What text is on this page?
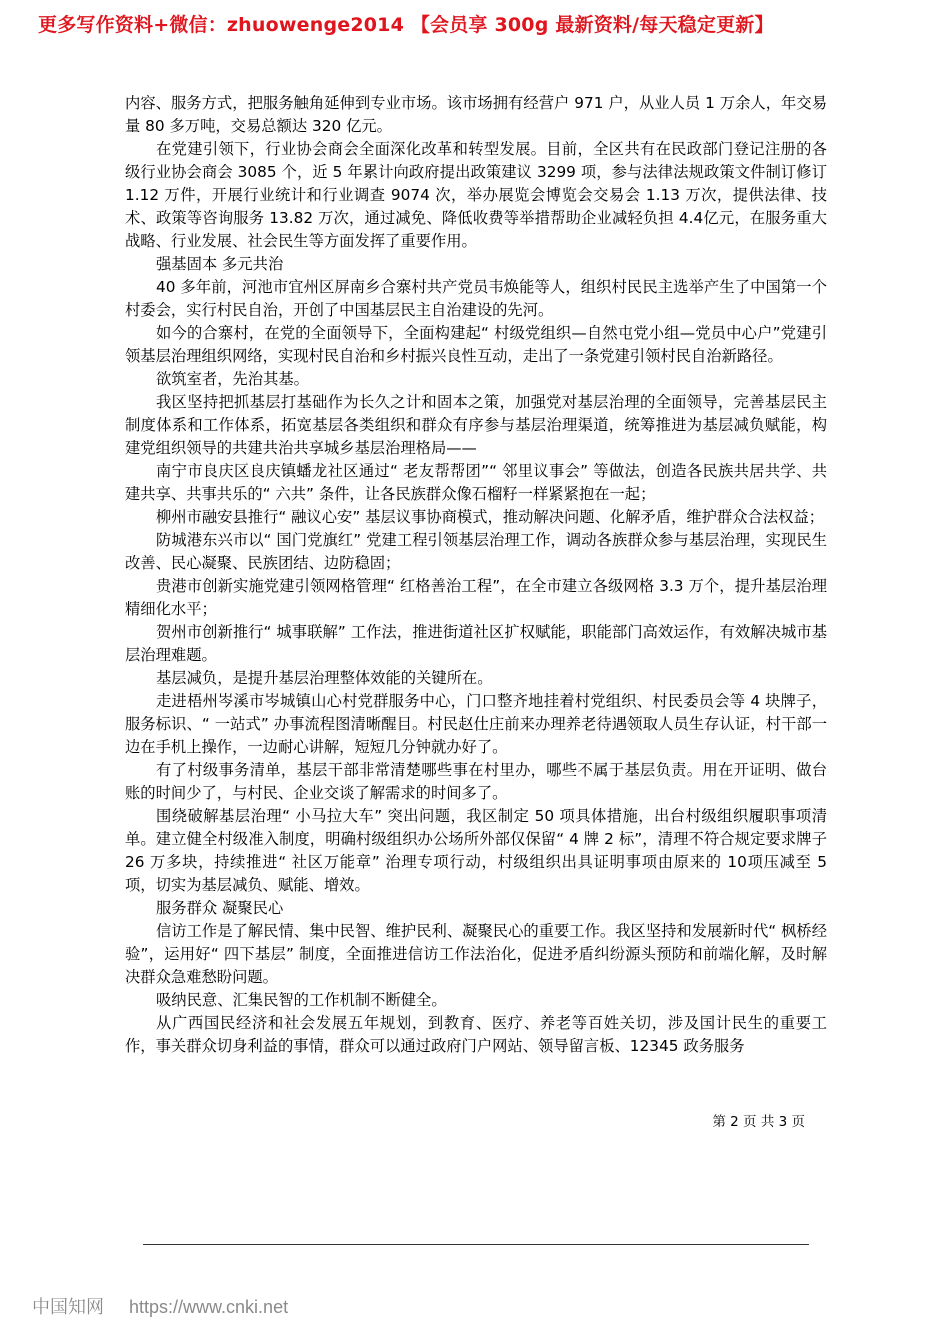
更多写作资料+微信：zhuowenge2014 【会员享 300g 最新资料/每天稳定更新】

内容、服务方式，把服务触角延伸到专业市场。该市场拥有经营户 971 户，从业人员 1 万余人，年交易量 80 多万吨，交易总额达 320 亿元。

在党建引领下，行业协会商会全面深化改革和转型发展。目前，全区共有在民政部门登记注册的各级行业协会商会 3085 个，近 5 年累计向政府提出政策建议 3299 项，参与法律法规政策文件制订修订 1.12 万件，开展行业统计和行业调查 9074 次，举办展览会博览会交易会 1.13 万次，提供法律、技术、政策等咨询服务 13.82 万次，通过减免、降低收费等举措帮助企业减轻负担 4.4亿元，在服务重大战略、行业发展、社会民生等方面发挥了重要作用。

强基固本 多元共治

40 多年前，河池市宜州区屏南乡合寨村共产党员韦焕能等人，组织村民民主选举产生了中国第一个村委会，实行村民自治，开创了中国基层民主自治建设的先河。

如今的合寨村，在党的全面领导下，全面构建起“ 村级党组织—自然屯党小组—党员中心户”党建引领基层治理组织网络，实现村民自治和乡村振兴良性互动，走出了一条党建引领村民自治新路径。

欲筑室者，先治其基。

我区坚持把抓基层打基础作为长久之计和固本之策，加强党对基层治理的全面领导，完善基层民主制度体系和工作体系，拓宽基层各类组织和群众有序参与基层治理渠道，统筹推进为基层减负赋能，构建党组织领导的共建共治共享城乡基层治理格局——

南宁市良庆区良庆镇蟠龙社区通过“ 老友帮帮团”“ 邻里议事会” 等做法，创造各民族共居共学、共建共享、共事共乐的“ 六共” 条件，让各民族群众像石榴籽一样紧紧抱在一起；

柳州市融安县推行“ 融议心安” 基层议事协商模式，推动解决问题、化解矛盾，维护群众合法权益；

防城港东兴市以“ 国门党旗红” 党建工程引领基层治理工作，调动各族群众参与基层治理，实现民生改善、民心凝聚、民族团结、边防稳固；

贵港市创新实施党建引领网格管理“ 红格善治工程”，在全市建立各级网格 3.3 万个，提升基层治理精细化水平；

贺州市创新推行“ 城事联解” 工作法，推进街道社区扩权赋能，职能部门高效运作，有效解决城市基层治理难题。

基层减负，是提升基层治理整体效能的关键所在。

走进梧州岑溪市岑城镇山心村党群服务中心，门口整齐地挂着村党组织、村民委员会等 4 块牌子，服务标识、“ 一站式” 办事流程图清晰醒目。村民赵仕庄前来办理养老待遇领取人员生存认证，村干部一边在手机上操作，一边耐心讲解，短短几分钟就办好了。

有了村级事务清单，基层干部非常清楚哪些事在村里办，哪些不属于基层负责。用在开证明、做台账的时间少了，与村民、企业交谈了解需求的时间多了。

围绕破解基层治理“ 小马拉大车” 突出问题，我区制定 50 项具体措施，出台村级组织履职事项清单。建立健全村级准入制度，明确村级组织办公场所外部仅保留“ 4 牌 2 标”，清理不符合规定要求牌子 26 万多块，持续推进“ 社区万能章” 治理专项行动，村级组织出具证明事项由原来的 10项压减至 5 项，切实为基层减负、赋能、增效。

服务群众 凝聚民心

信访工作是了解民情、集中民智、维护民利、凝聚民心的重要工作。我区坚持和发展新时代“ 枫桥经验”，运用好“ 四下基层” 制度，全面推进信访工作法治化，促进矛盾纠纷源头预防和前端化解，及时解决群众急难愁盼问题。

吸纳民意、汇集民智的工作机制不断健全。

从广西国民经济和社会发展五年规划，到教育、医疗、养老等百姓关切，涉及国计民生的重要工作，事关群众切身利益的事情，群众可以通过政府门户网站、领导留言板、12345 政务服务

第 2 页 共 3 页
中国知网 https://www.cnki.net
